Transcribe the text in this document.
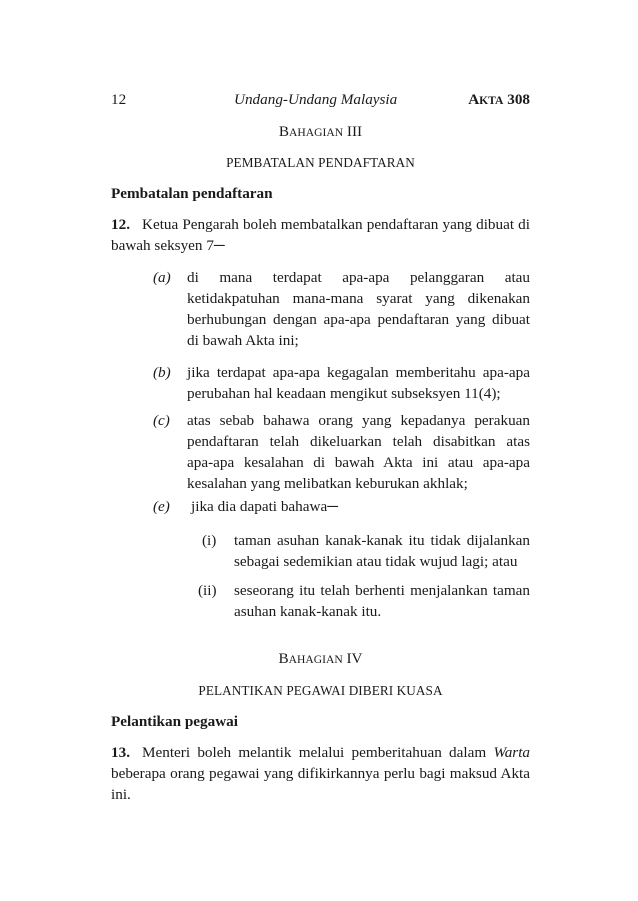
12	Undang-Undang Malaysia	AKTA 308
BAHAGIAN III
PEMBATALAN PENDAFTARAN
Pembatalan pendaftaran
12. Ketua Pengarah boleh membatalkan pendaftaran yang dibuat di
bawah seksyen 7─
(a) di mana terdapat apa-apa pelanggaran atau
ketidakpatuhan mana-mana syarat yang dikenakan
berhubungan dengan apa-apa pendaftaran yang dibuat
di bawah Akta ini;
(b) jika terdapat apa-apa kegagalan memberitahu apa-apa
perubahan hal keadaan mengikut subseksyen 11(4);
(c) atas sebab bahawa orang yang kepadanya perakuan
pendaftaran telah dikeluarkan telah disabitkan atas
apa-apa kesalahan di bawah Akta ini atau apa-apa
kesalahan yang melibatkan keburukan akhlak;
(e) jika dia dapati bahawa─
(i) taman asuhan kanak-kanak itu tidak dijalankan
sebagai sedemikian atau tidak wujud lagi; atau
(ii) seseorang itu telah berhenti menjalankan taman
asuhan kanak-kanak itu.
BAHAGIAN IV
PELANTIKAN PEGAWAI DIBERI KUASA
Pelantikan pegawai
13. Menteri boleh melantik melalui pemberitahuan dalam Warta
beberapa orang pegawai yang difikirkannya perlu bagi maksud Akta
ini.
